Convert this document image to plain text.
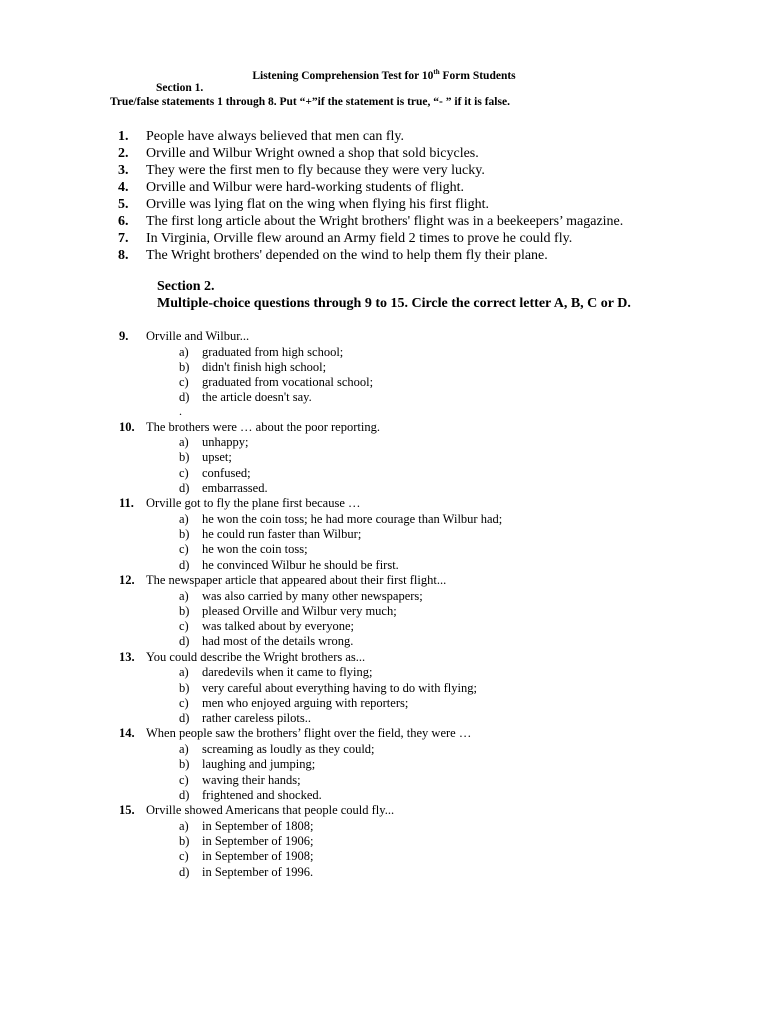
Listening Comprehension Test for 10th Form Students
Section 1.
True/false statements 1 through 8. Put “+”if the statement is true, “- ” if it is false.
1. People have always believed that men can fly.
2. Orville and Wilbur Wright owned a shop that sold bicycles.
3. They were the first men to fly because they were very lucky.
4. Orville and Wilbur were hard-working students of flight.
5. Orville was lying flat on the wing when flying his first flight.
6. The first long article about the Wright brothers' flight was in a beekeepers’ magazine.
7. In Virginia, Orville flew around an Army field 2 times to prove he could fly.
8. The Wright brothers' depended on the wind to help them fly their plane.
Section 2.
Multiple-choice questions through 9 to 15. Circle the correct letter A, B, C or D.
9. Orville and Wilbur...
a) graduated from high school;
b) didn't finish high school;
c) graduated from vocational school;
d) the article doesn't say.
.
10. The brothers were … about the poor reporting.
a) unhappy;
b) upset;
c) confused;
d) embarrassed.
11. Orville got to fly the plane first because …
a) he won the coin toss; he had more courage than Wilbur had;
b) he could run faster than Wilbur;
c) he won the coin toss;
d) he convinced Wilbur he should be first.
12. The newspaper article that appeared about their first flight...
a) was also carried by many other newspapers;
b) pleased Orville and Wilbur very much;
c) was talked about by everyone;
d) had most of the details wrong.
13. You could describe the Wright brothers as...
a) daredevils when it came to flying;
b) very careful about everything having to do with flying;
c) men who enjoyed arguing with reporters;
d) rather careless pilots..
14. When people saw the brothers’ flight over the field, they were …
a) screaming as loudly as they could;
b) laughing and jumping;
c) waving their hands;
d) frightened and shocked.
15. Orville showed Americans that people could fly...
a) in September of 1808;
b) in September of 1906;
c) in September of 1908;
d) in September of 1996.
